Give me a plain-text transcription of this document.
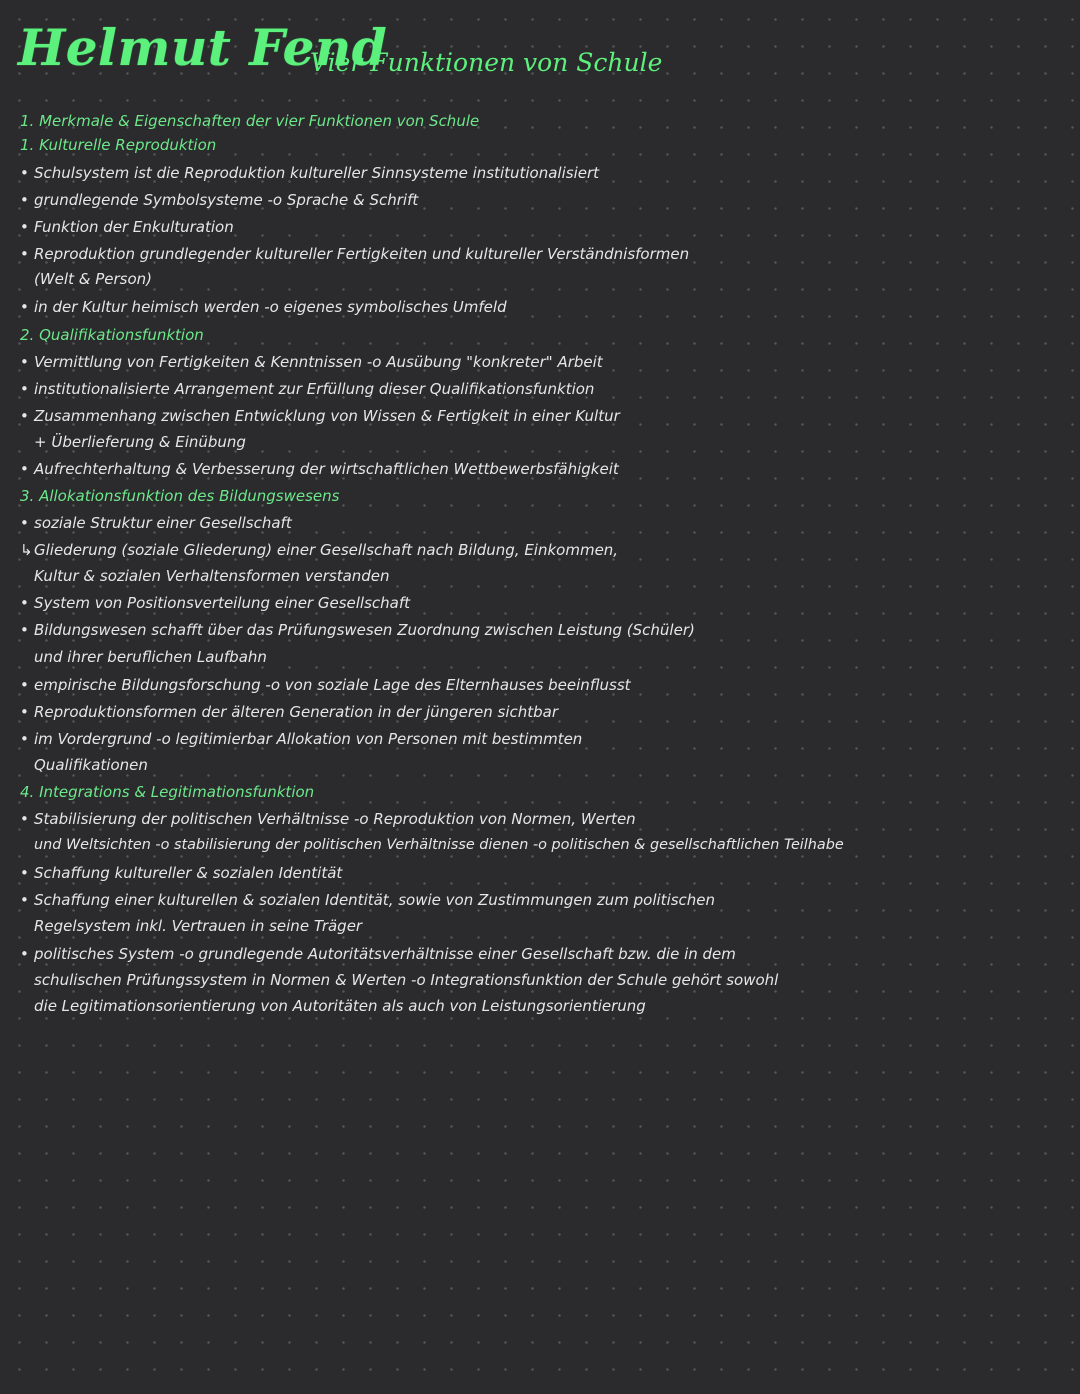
Helmut Fend
Vier Funktionen von Schule
1. Merkmale & Eigenschaften der vier Funktionen von Schule
1. Kulturelle Reproduktion
• Schulsystem ist die Reproduktion kultureller Sinnsysteme institutionalisiert
• grundlegende Symbolsysteme -o Sprache & Schrift
• Funktion der Enkulturation
• Reproduktion grundlegender kultureller Fertigkeiten und kultureller Verständnisformen
(Welt & Person)
• in der Kultur heimisch werden -o eigenes symbolisches Umfeld
2. Qualifikationsfunktion
• Vermittlung von Fertigkeiten & Kenntnissen -o Ausübung "konkreter" Arbeit
• institutionalisierte Arrangement zur Erfüllung dieser Qualifikationsfunktion
• Zusammenhang zwischen Entwicklung von Wissen & Fertigkeit in einer Kultur
+ Überlieferung & Einübung
• Aufrechterhaltung & Verbesserung der wirtschaftlichen Wettbewerbsfähigkeit
3. Allokationsfunktion des Bildungswesens
• soziale Struktur einer Gesellschaft
↳Gliederung (soziale Gliederung) einer Gesellschaft nach Bildung, Einkommen,
Kultur & sozialen Verhaltensformen verstanden
• System von Positionsverteilung einer Gesellschaft
• Bildungswesen schafft über das Prüfungswesen Zuordnung zwischen Leistung (Schüler)
und ihrer beruflichen Laufbahn
• empirische Bildungsforschung -o von soziale Lage des Elternhauses beeinflusst
• Reproduktionsformen der älteren Generation in der jüngeren sichtbar
• im Vordergrund -o legitimierbar Allokation von Personen mit bestimmten
Qualifikationen
4. Integrations & Legitimationsfunktion
• Stabilisierung der politischen Verhältnisse -o Reproduktion von Normen, Werten
und Weltsichten -o stabilisierung der politischen Verhältnisse dienen -o politischen & gesellschaftlichen Teilhabe
• Schaffung kultureller & sozialen Identität
• Schaffung einer kulturellen & sozialen Identität, sowie von Zustimmungen zum politischen
Regelsystem inkl. Vertrauen in seine Träger
• politisches System -o grundlegende Autoritätsverhältnisse einer Gesellschaft bzw. die in dem
schulischen Prüfungssystem in Normen & Werten -o Integrationsfunktion der Schule gehört sowohl
die Legitimationsorientierung von Autoritäten als auch von Leistungsorientierung
